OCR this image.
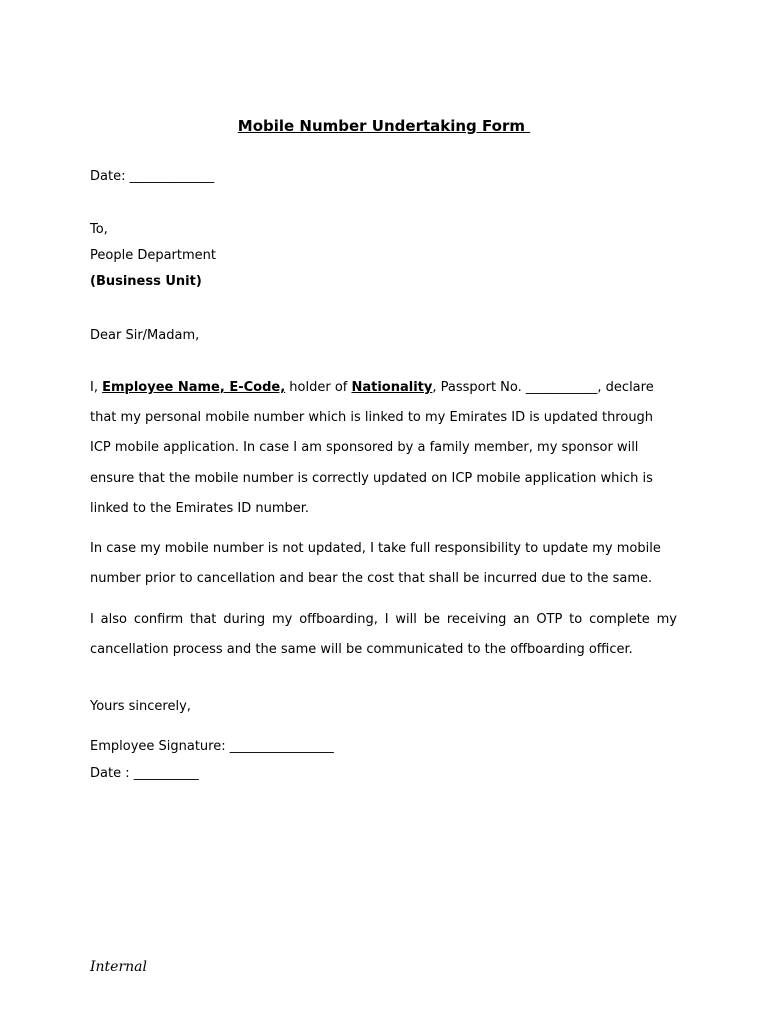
Mobile Number Undertaking Form
Date: _____________
To,
People Department
(Business Unit)
Dear Sir/Madam,
I, Employee Name, E-Code, holder of Nationality, Passport No. ___________, declare that my personal mobile number which is linked to my Emirates ID is updated through ICP mobile application. In case I am sponsored by a family member, my sponsor will ensure that the mobile number is correctly updated on ICP mobile application which is linked to the Emirates ID number.
In case my mobile number is not updated, I take full responsibility to update my mobile number prior to cancellation and bear the cost that shall be incurred due to the same.
I also confirm that during my offboarding, I will be receiving an OTP to complete my cancellation process and the same will be communicated to the offboarding officer.
Yours sincerely,
Employee Signature: ________________
Date : __________
Internal
